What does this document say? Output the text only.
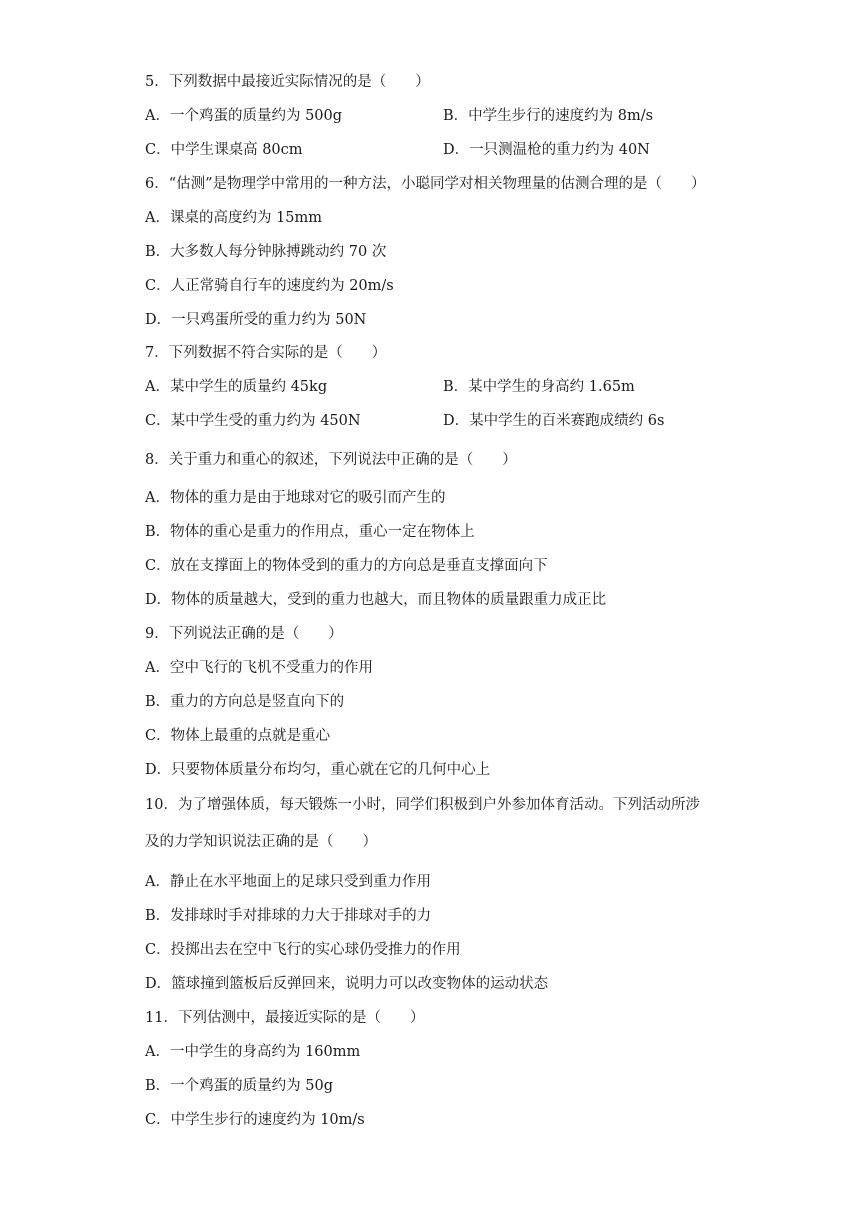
5．下列数据中最接近实际情况的是（　　）
A．一个鸡蛋的质量约为 500g	B．中学生步行的速度约为 8m/s
C．中学生课桌高 80cm	D．一只测温枪的重力约为 40N
6．“估测”是物理学中常用的一种方法，小聪同学对相关物理量的估测合理的是（　　）
A．课桌的高度约为 15mm
B．大多数人每分钟脉搏跳动约 70 次
C．人正常骑自行车的速度约为 20m/s
D．一只鸡蛋所受的重力约为 50N
7．下列数据不符合实际的是（　　）
A．某中学生的质量约 45kg	B．某中学生的身高约 1.65m
C．某中学生受的重力约为 450N	D．某中学生的百米赛跑成绩约 6s
8．关于重力和重心的叙述，下列说法中正确的是（　　）
A．物体的重力是由于地球对它的吸引而产生的
B．物体的重心是重力的作用点，重心一定在物体上
C．放在支撑面上的物体受到的重力的方向总是垂直支撑面向下
D．物体的质量越大，受到的重力也越大，而且物体的质量跟重力成正比
9．下列说法正确的是（　　）
A．空中飞行的飞机不受重力的作用
B．重力的方向总是竖直向下的
C．物体上最重的点就是重心
D．只要物体质量分布均匀，重心就在它的几何中心上
10．为了增强体质，每天锻炼一小时，同学们积极到户外参加体育活动。下列活动所涉
及的力学知识说法正确的是（　　）
A．静止在水平地面上的足球只受到重力作用
B．发排球时手对排球的力大于排球对手的力
C．投掷出去在空中飞行的实心球仍受推力的作用
D．篮球撞到篮板后反弹回来，说明力可以改变物体的运动状态
11．下列估测中，最接近实际的是（　　）
A．一中学生的身高约为 160mm
B．一个鸡蛋的质量约为 50g
C．中学生步行的速度约为 10m/s
